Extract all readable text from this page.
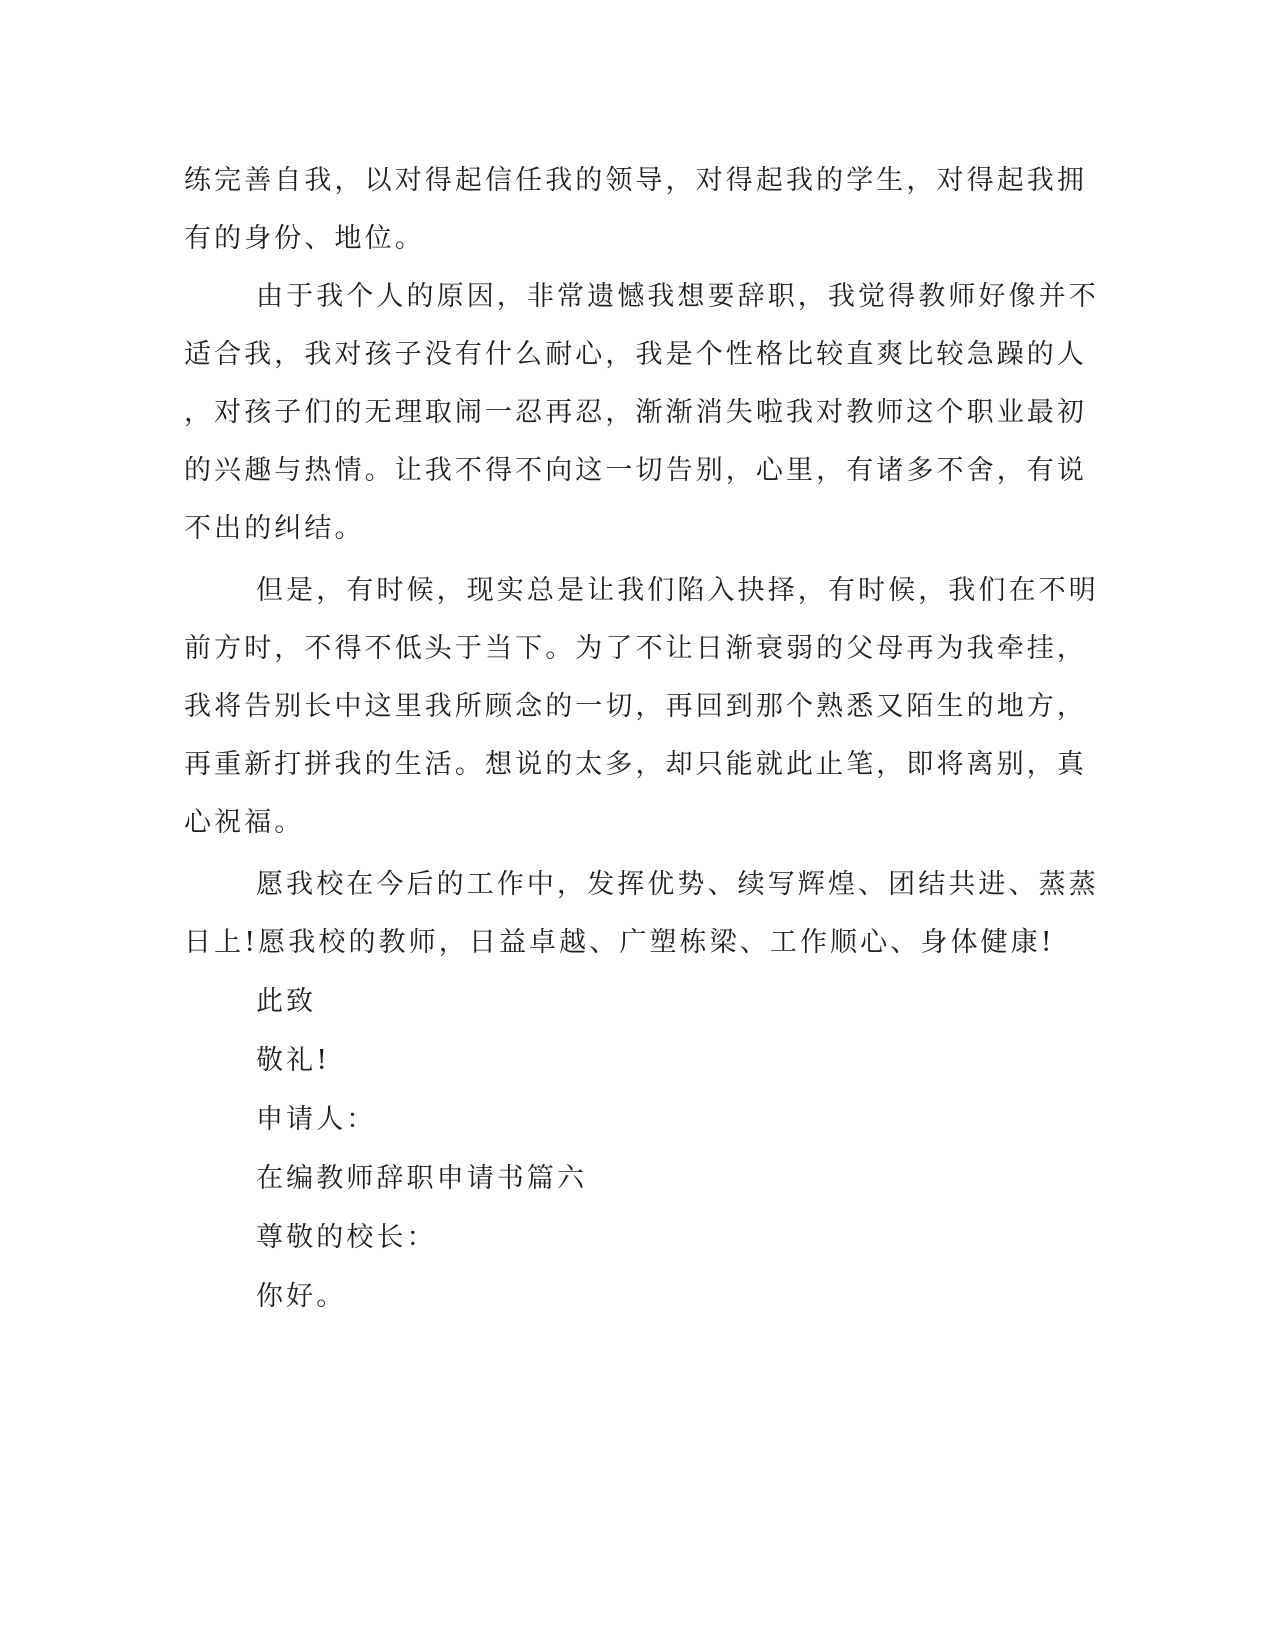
练完善自我，以对得起信任我的领导，对得起我的学生，对得起我拥
有的身份、地位。
由于我个人的原因，非常遗憾我想要辞职，我觉得教师好像并不
适合我，我对孩子没有什么耐心，我是个性格比较直爽比较急躁的人
，对孩子们的无理取闹一忍再忍，渐渐消失啦我对教师这个职业最初
的兴趣与热情。让我不得不向这一切告别，心里，有诸多不舍，有说
不出的纠结。
但是，有时候，现实总是让我们陷入抉择，有时候，我们在不明
前方时，不得不低头于当下。为了不让日渐衰弱的父母再为我牵挂，
我将告别长中这里我所顾念的一切，再回到那个熟悉又陌生的地方，
再重新打拼我的生活。想说的太多，却只能就此止笔，即将离别，真
心祝福。
愿我校在今后的工作中，发挥优势、续写辉煌、团结共进、蒸蒸
日上!愿我校的教师，日益卓越、广塑栋梁、工作顺心、身体健康!
此致
敬礼!
申请人：
在编教师辞职申请书篇六
尊敬的校长：
你好。
